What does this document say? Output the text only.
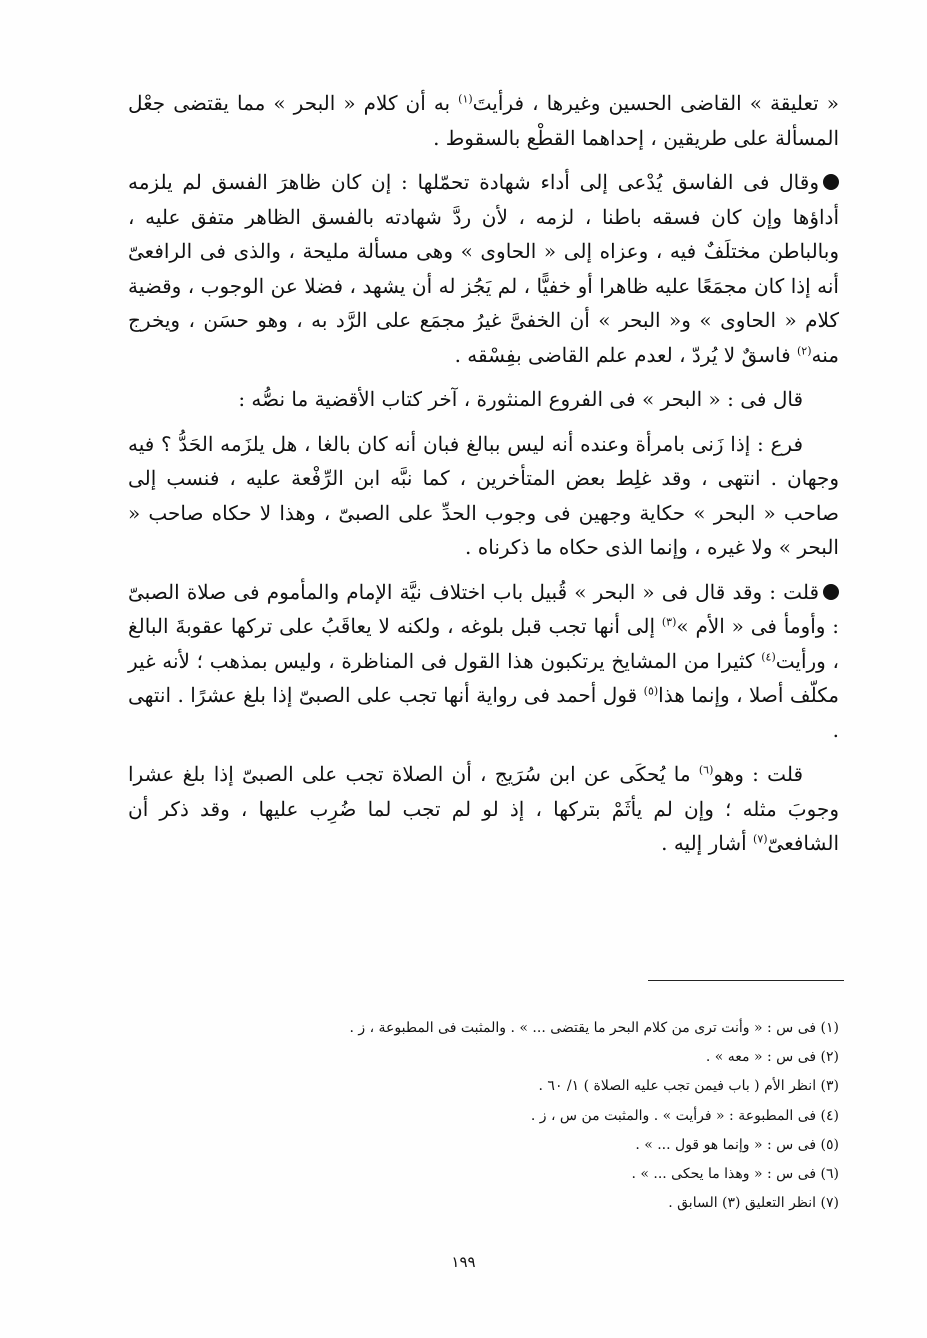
« تعليقة » القاضى الحسين وغيرها ، فرأيتَ$^{(١)}$ به أن كلام « البحر » مما يقتضى جعْل المسألة على طريقين ، إحداهما القطْع بالسقوط .

وقال فى الفاسق يُدْعى إلى أداء شهادة تحمّلها : إن كان ظاهرَ الفسق لم يلزمه أداؤها وإن كان فسقه باطنا ، لزمه ، لأن ردَّ شهادته بالفسق الظاهر متفق عليه ، وبالباطن مختلَفٌ فيه ، وعزاه إلى « الحاوى » وهى مسألة مليحة ، والذى فى الرافعىّ أنه إذا كان مجمَعًا عليه ظاهرا أو خفيًّا ، لم يَجُز له أن يشهد ، فضلا عن الوجوب ، وقضية كلام « الحاوى » و« البحر » أن الخفىَّ غيرُ مجمَع على الرَّد به ، وهو حسَن ، ويخرج منه$^{(٢)}$ فاسقٌ لا يُردّ ، لعدم علم القاضى بفِسْقه .

قال فى : « البحر » فى الفروع المنثورة ، آخر كتاب الأقضية ما نصُّه :

فرع : إذا زَنى بامرأة وعنده أنه ليس ببالغ فبان أنه كان بالغا ، هل يلزَمه الحَدُّ ؟ فيه وجهان . انتهى ، وقد غلِط بعض المتأخرين ، كما نبَّه ابن الرِّفْعة عليه ، فنسب إلى صاحب « البحر » حكاية وجهين فى وجوب الحدِّ على الصبىّ ، وهذا لا حكاه صاحب « البحر » ولا غيره ، وإنما الذى حكاه ما ذكرناه .

قلت : وقد قال فى « البحر » قُبيل باب اختلاف نيَّة الإمام والمأموم فى صلاة الصبىّ : وأومأ فى « الأم »$^{(٣)}$ إلى أنها تجب قبل بلوغه ، ولكنه لا يعاقَبُ على تركها عقوبةَ البالغ ، ورأيت$^{(٤)}$ كثيرا من المشايخ يرتكبون هذا القول فى المناظرة ، وليس بمذهب ؛ لأنه غير مكلّف أصلا ، وإنما هذا$^{(٥)}$ قول أحمد فى رواية أنها تجب على الصبىّ إذا بلغ عشرًا . انتهى .

قلت : وهو$^{(٦)}$ ما يُحكَى عن ابن سُرَيج ، أن الصلاة تجب على الصبىّ إذا بلغ عشرا وجوبَ مثله ؛ وإن لم يأثَمْ بتركها ، إذ لو لم تجب لما ضُرِب عليها ، وقد ذكر أن الشافعىّ$^{(٧)}$ أشار إليه .

(١) فى س : « وأنت ترى من كلام البحر ما يقتضى ... » . والمثبت فى المطبوعة ، ز .
(٢) فى س : « معه » .
(٣) انظر الأم ( باب فيمن تجب عليه الصلاة ) ١/ ٦٠ .
(٤) فى المطبوعة : « فرأيت » . والمثبت من س ، ز .
(٥) فى س : « وإنما هو قول ... » .
(٦) فى س : « وهذا ما يحكى ... » .
(٧) انظر التعليق (٣) السابق .
١٩٩
